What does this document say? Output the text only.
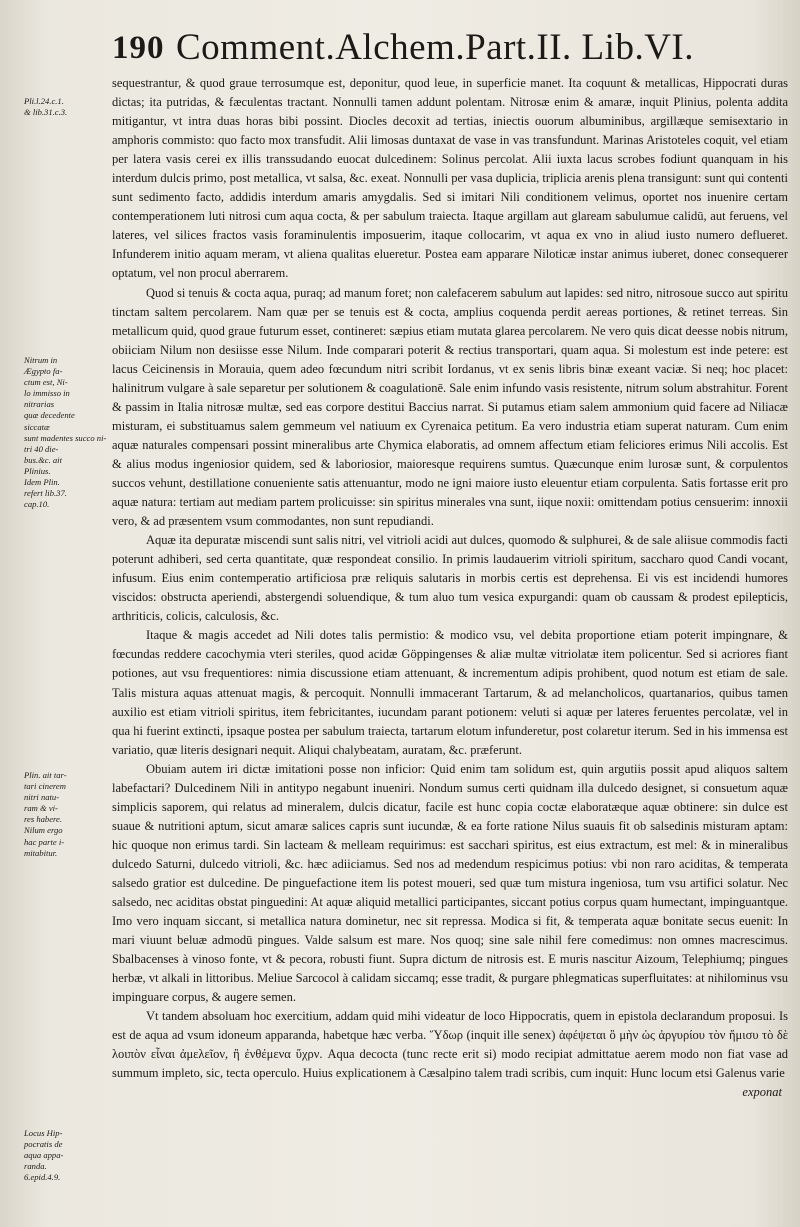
190 Comment.Alchem.Part.II. Lib.VI.
Pli.l.24.c.1.
& lib.31.c.3.
Nitrum in
Ægypto fa-
ctum est, Ni-
lo immisso in
nitrarias
quæ decedente
siccatæ
sunt madentes succo ni-
tri 40 die-
bus.&c. ait
Plinius.
Idem Plin.
refert lib.37.
cap.10.
Plin. ait tar-
tari cinerem
nitri natu-
ram & vi-
res habere.
Nilum ergo
hac parte i-
mitabitur.
Locus Hip-
pocratis de
aqua appa-
randa.
6.epid.4.9.

sequestrantur, & quod graue terrosumque est, deponitur, quod leue, in superficie manet. Ita coquunt & metallicas, Hippocrati duras dictas; ita putridas, & fæculentas tractant. Nonnulli tamen addunt polentam. Nitrosæ enim & amaræ, inquit Plinius, polenta addita mitigantur, vt intra duas horas bibi possint. Diocles decoxit ad tertias, iniectis ouorum albuminibus, argillæque semisextario in amphoris commisto: quo facto mox transfudit. Alii limosas duntaxat de vase in vas transfundunt. Marinas Aristoteles coquit, vel etiam per latera vasis cerei ex illis transsudando euocat dulcedinem: Solinus percolat. Alii iuxta lacus scrobes fodiunt quanquam in his interdum dulcis primo, post metallica, vt salsa, &c. exeat. Nonnulli per vasa duplicia, triplicia arenis plena transigunt: sunt qui contenti sunt sedimento facto, addidis interdum amaris amygdalis. Sed si imitari Nili conditionem velimus, oportet nos inuenire certam contemperationem luti nitrosi cum aqua cocta, & per sabulum traiecta. Itaque argillam aut glaream sabulumue calidū, aut feruens, vel lateres, vel silices fractos vasis foraminulentis imposuerim, itaque collocarim, vt aqua ex vno in aliud iusto numero deflueret. Infunderem initio aquam meram, vt aliena qualitas elueretur. Postea eam apparare Niloticæ instar animus iuberet, donec consequerer optatum, vel non procul aberrarem.

Quod si tenuis & cocta aqua, puraq; ad manum foret; non calefacerem sabulum aut lapides: sed nitro, nitrosoue succo aut spiritu tinctam saltem percolarem. Nam quæ per se tenuis est & cocta, amplius coquenda perdit aereas portiones, & retinet terreas. Sin metallicum quid, quod graue futurum esset, contineret: sæpius etiam mutata glarea percolarem. Ne vero quis dicat deesse nobis nitrum, obiiciam Nilum non desiisse esse Nilum. Inde comparari poterit & rectius transportari, quam aqua. Si molestum est inde petere: est lacus Ceicinensis in Morauia, quem adeo fœcundum nitri scribit Iordanus, vt ex senis libris binæ exeant vaciæ. Si neq; hoc placet: halinitrum vulgare à sale separetur per solutionem & coagulationē. Sale enim infundo vasis resistente, nitrum solum abstrahitur. Forent & passim in Italia nitrosæ multæ, sed eas corpore destitui Baccius narrat. Si putamus etiam salem ammonium quid facere ad Niliacæ misturam, ei substituamus salem gemmeum vel natiuum ex Cyrenaica petitum. Ea vero industria etiam superat naturam. Cum enim aquæ naturales compensari possint mineralibus arte Chymica elaboratis, ad omnem affectum etiam feliciores erimus Nili accolis. Est & alius modus ingeniosior quidem, sed & laboriosior, maioresque requirens sumtus. Quæcunque enim lurosæ sunt, & corpulentos succos vehunt, destillatione conueniente satis attenuantur, modo ne igni maiore iusto eleuentur etiam corpulenta. Satis fortasse erit pro aquæ natura: tertiam aut mediam partem prolicuisse: sin spiritus minerales vna sunt, iique noxii: omittendam potius censuerim: innoxii vero, & ad præsentem vsum commodantes, non sunt repudiandi.

Aquæ ita depuratæ miscendi sunt salis nitri, vel vitrioli acidi aut dulces, quomodo & sulphurei, & de sale aliisue commodis facti poterunt adhiberi, sed certa quantitate, quæ respondeat consilio. In primis laudauerim vitrioli spiritum, saccharo quod Candi vocant, infusum. Eius enim contemperatio artificiosa præ reliquis salutaris in morbis certis est deprehensa. Ei vis est incidendi humores viscidos: obstructa aperiendi, abstergendi soluendique, & tum aluo tum vesica expurgandi: quam ob caussam & prodest epilepticis, arthriticis, colicis, calculosis, &c.

Itaque & magis accedet ad Nili dotes talis permistio: & modico vsu, vel debita proportione etiam poterit impingnare, & fœcundas reddere cacochymia vteri steriles, quod acidæ Göppingenses & aliæ multæ vitriolatæ item policentur. Sed si acriores fiant potiones, aut vsu frequentiores: nimia discussione etiam attenuant, & incrementum adipis prohibent, quod notum est etiam de sale. Talis mistura aquas attenuat magis, & percoquit. Nonnulli immacerant Tartarum, & ad melancholicos, quartanarios, quibus tamen auxilio est etiam vitrioli spiritus, item febricitantes, iucundam parant potionem: veluti si aquæ per lateres feruentes percolatæ, vel in qua hi fuerint extincti, ipsaque postea per sabulum traiecta, tartarum elotum infunderetur, post colaretur iterum. Sed in his immensa est variatio, quæ literis designari nequit. Aliqui chalybeatam, auratam, &c. præferunt.

Obuiam autem iri dictæ imitationi posse non inficior: Quid enim tam solidum est, quin argutiis possit apud aliquos saltem labefactari? Dulcedinem Nili in antitypo negabunt inueniri. Nondum sumus certi quidnam illa dulcedo designet, si consuetum aquæ simplicis saporem, qui relatus ad mineralem, dulcis dicatur, facile est hunc copia coctæ elaboratæque aquæ obtinere: sin dulce est suaue & nutritioni aptum, sicut amaræ salices capris sunt iucundæ, & ea forte ratione Nilus suauis fit ob salsedinis misturam aptam: hic quoque non erimus tardi. Sin lacteam & melleam requirimus: est sacchari spiritus, est eius extractum, est mel: & in mineralibus dulcedo Saturni, dulcedo vitrioli, &c. hæc adiiciamus. Sed nos ad medendum respicimus potius: vbi non raro aciditas, & temperata salsedo gratior est dulcedine. De pinguefactione item lis potest moueri, sed quæ tum mistura ingeniosa, tum vsu artifici solatur. Nec salsedo, nec aciditas obstat pinguedini: At aquæ aliquid metallici participantes, siccant potius corpus quam humectant, impinguantque. Imo vero inquam siccant, si metallica natura dominetur, nec sit repressa. Modica si fit, & temperata aquæ bonitate secus euenit: In mari viuunt beluæ admodū pingues. Valde salsum est mare. Nos quoq; sine sale nihil fere comedimus: non omnes macrescimus. Sbalbacenses à vinoso fonte, vt & pecora, robusti fiunt. Supra dictum de nitrosis est. E muris nascitur Aizoum, Telephiumq; pingues herbæ, vt alkali in littoribus. Meliue Sarcocol à calidam siccamq; esse tradit, & purgare phlegmaticas superfluitates: at nihilominus vsu impinguare corpus, & augere semen.

Vt tandem absoluam hoc exercitium, addam quid mihi videatur de loco Hippocratis, quem in epistola declarandum proposui. Is est de aqua ad vsum idoneum apparanda, habetque hæc verba. Ὕδωρ (inquit ille senex) ἀφέψεται ὃ μὴν ὡς ἀργυρίου τὸν ἥμισυ τὸ δὲ λοιπὸν εἶναι ἀμελεῖον, ἢ ἐνθέμενα ὕχρν. Aqua decocta (tunc recte erit si) modo recipiat admittatue aerem modo non fiat vase ad summum impleto, sic, tecta operculo. Huius explicationem à Cæsalpino talem tradi scribis, cum inquit: Hunc locum etsi Galenus varie

exponat
